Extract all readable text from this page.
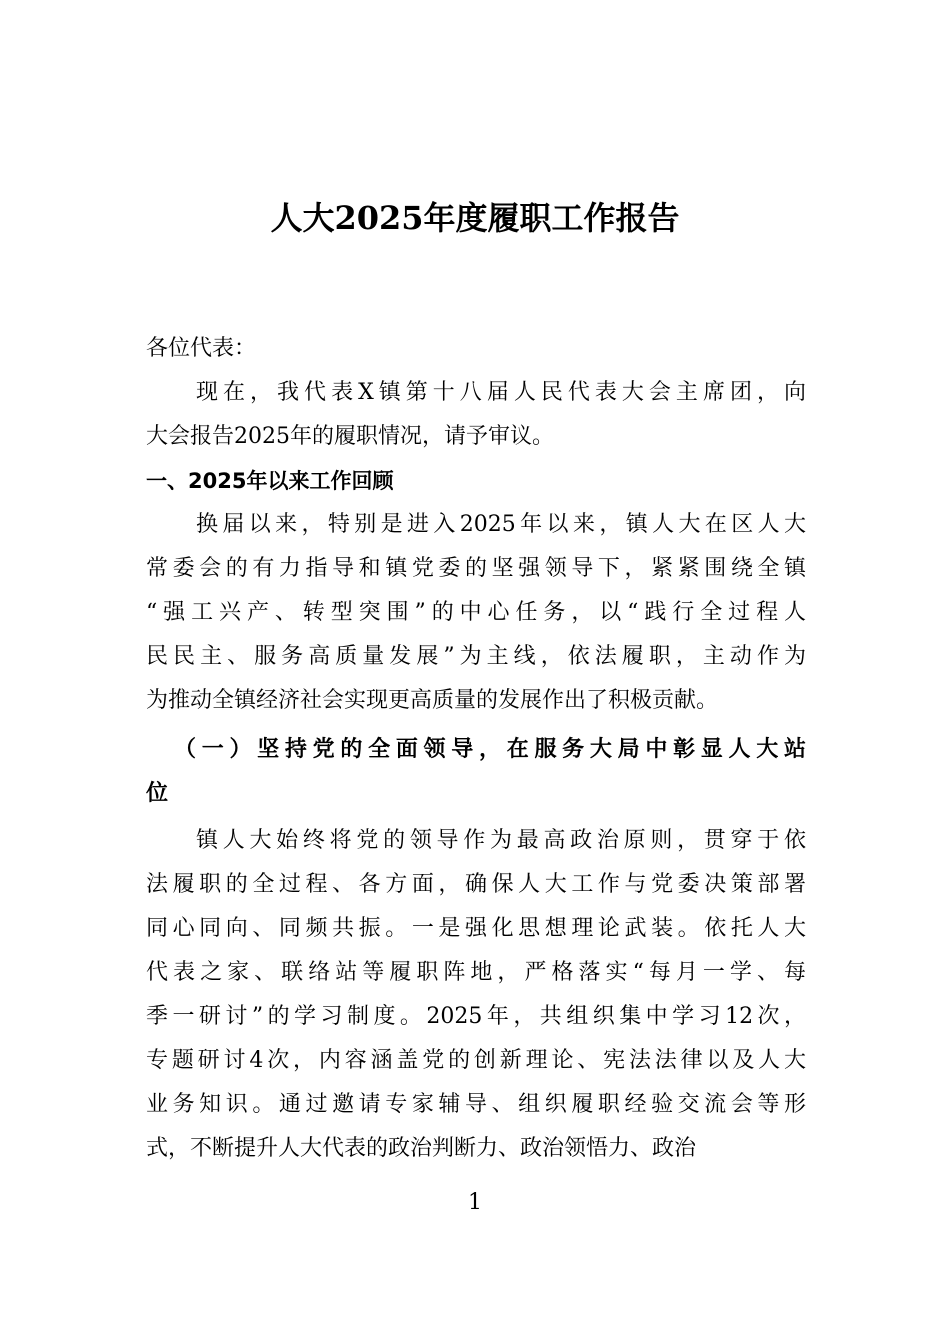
人大2025年度履职工作报告
各位代表：
现在，我代表X镇第十八届人民代表大会主席团，向
大会报告2025年的履职情况，请予审议。
一、2025年以来工作回顾
换届以来，特别是进入2025年以来，镇人大在区人大
常委会的有力指导和镇党委的坚强领导下，紧紧围绕全镇
“强工兴产、转型突围”的中心任务，以“践行全过程人
民民主、服务高质量发展”为主线，依法履职，主动作为
为推动全镇经济社会实现更高质量的发展作出了积极贡献。
（一）坚持党的全面领导，在服务大局中彰显人大站
位
镇人大始终将党的领导作为最高政治原则，贯穿于依
法履职的全过程、各方面，确保人大工作与党委决策部署
同心同向、同频共振。一是强化思想理论武装。依托人大
代表之家、联络站等履职阵地，严格落实“每月一学、每
季一研讨”的学习制度。2025年，共组织集中学习12次，
专题研讨4次，内容涵盖党的创新理论、宪法法律以及人大
业务知识。通过邀请专家辅导、组织履职经验交流会等形
式，不断提升人大代表的政治判断力、政治领悟力、政治
1
